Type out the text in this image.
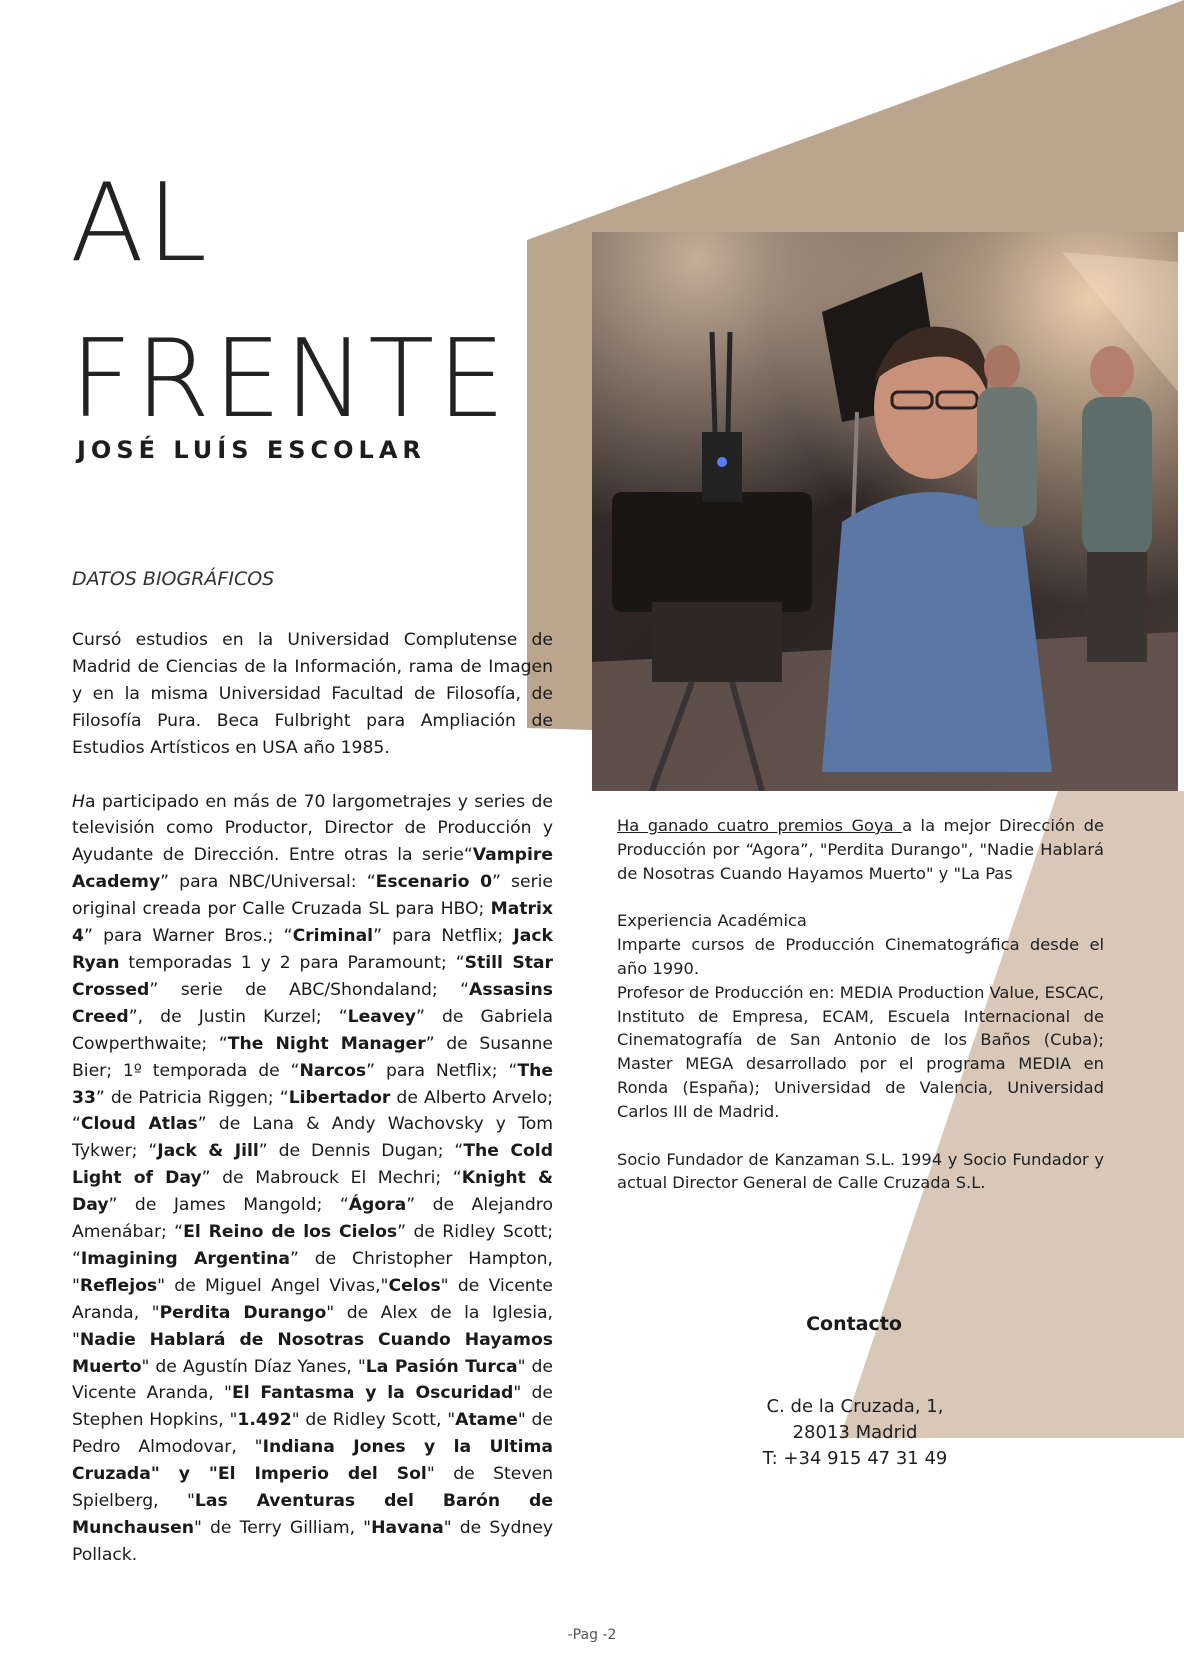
AL
FRENTE
JOSÉ LUÍS ESCOLAR

DATOS BIOGRÁFICOS

Cursó estudios en la Universidad Complutense de Madrid de Ciencias de la Información, rama de Imagen y en la misma Universidad Facultad de Filosofía, de Filosofía Pura. Beca Fulbright para Ampliación de Estudios Artísticos en USA año 1985.

Ha participado en más de 70 largometrajes y series de televisión como Productor, Director de Producción y Ayudante de Dirección. Entre otras la serie“Vampire Academy” para NBC/Universal: “Escenario 0” serie original creada por Calle Cruzada SL para HBO; Matrix 4” para Warner Bros.; “Criminal” para Netflix; Jack Ryan temporadas 1 y 2 para Paramount; “Still Star Crossed” serie de ABC/Shondaland; “Assasins Creed”, de Justin Kurzel; “Leavey” de Gabriela Cowperthwaite; “The Night Manager” de Susanne Bier; 1º temporada de “Narcos” para Netflix; “The 33” de Patricia Riggen; “Libertador de Alberto Arvelo; “Cloud Atlas” de Lana & Andy Wachovsky y Tom Tykwer; “Jack & Jill” de Dennis Dugan; “The Cold Light of Day” de Mabrouck El Mechri; “Knight & Day” de James Mangold; “Ágora” de Alejandro Amenábar; “El Reino de los Cielos” de Ridley Scott; “Imagining Argentina” de Christopher Hampton, "Reflejos" de Miguel Angel Vivas,"Celos" de Vicente Aranda, "Perdita Durango" de Alex de la Iglesia, "Nadie Hablará de Nosotras Cuando Hayamos Muerto" de Agustín Díaz Yanes, "La Pasión Turca" de Vicente Aranda, "El Fantasma y la Oscuridad" de Stephen Hopkins, "1.492" de Ridley Scott, "Atame" de Pedro Almodovar, "Indiana Jones y la Ultima Cruzada" y "El Imperio del Sol" de Steven Spielberg, "Las Aventuras del Barón de Munchausen" de Terry Gilliam, "Havana" de Sydney Pollack.

Ha ganado cuatro premios Goya a la mejor Dirección de Producción por “Agora”, "Perdita Durango", "Nadie Hablará de Nosotras Cuando Hayamos Muerto" y "La Pas

Experiencia Académica

Imparte cursos de Producción Cinematográfica desde el año 1990.

Profesor de Producción en: MEDIA Production Value, ESCAC, Instituto de Empresa, ECAM, Escuela Internacional de Cinematografía de San Antonio de los Baños (Cuba); Master MEGA desarrollado por el programa MEDIA en Ronda (España); Universidad de Valencia, Universidad Carlos III de Madrid.

Socio Fundador de Kanzaman S.L. 1994 y Socio Fundador y actual Director General de Calle Cruzada S.L.

Contacto

C. de la Cruzada, 1,
28013 Madrid
T: +34 915 47 31 49

-Pag -2
